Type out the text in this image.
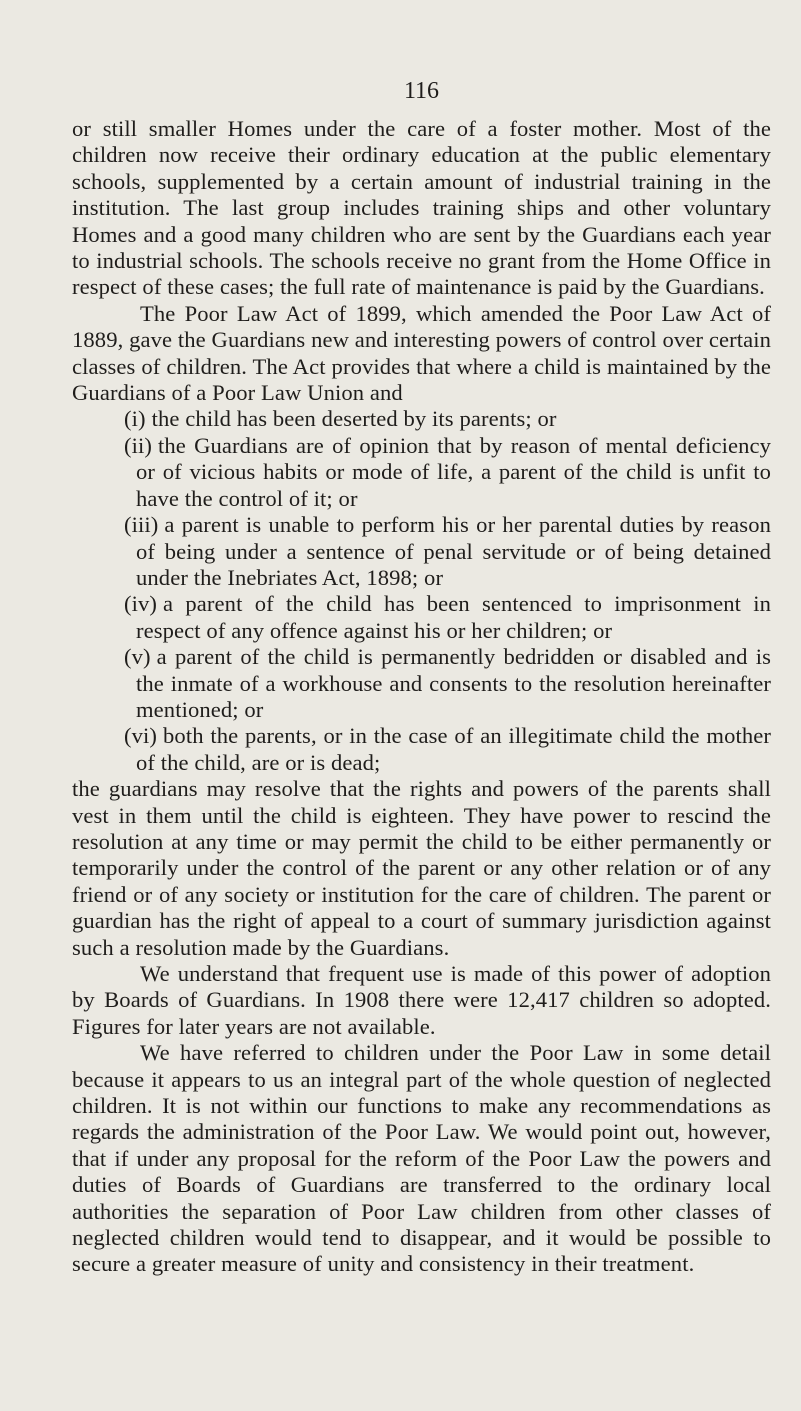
116

or still smaller Homes under the care of a foster mother. Most of the children now receive their ordinary education at the public elementary schools, supplemented by a certain amount of industrial training in the institution. The last group includes training ships and other voluntary Homes and a good many children who are sent by the Guardians each year to industrial schools. The schools receive no grant from the Home Office in respect of these cases; the full rate of maintenance is paid by the Guardians.

The Poor Law Act of 1899, which amended the Poor Law Act of 1889, gave the Guardians new and interesting powers of control over certain classes of children. The Act provides that where a child is maintained by the Guardians of a Poor Law Union and

(i) the child has been deserted by its parents; or

(ii) the Guardians are of opinion that by reason of mental deficiency or of vicious habits or mode of life, a parent of the child is unfit to have the control of it; or

(iii) a parent is unable to perform his or her parental duties by reason of being under a sentence of penal servitude or of being detained under the Inebriates Act, 1898; or

(iv) a parent of the child has been sentenced to imprisonment in respect of any offence against his or her children; or

(v) a parent of the child is permanently bedridden or disabled and is the inmate of a workhouse and consents to the resolution hereinafter mentioned; or

(vi) both the parents, or in the case of an illegitimate child the mother of the child, are or is dead;

the guardians may resolve that the rights and powers of the parents shall vest in them until the child is eighteen. They have power to rescind the resolution at any time or may permit the child to be either permanently or temporarily under the control of the parent or any other relation or of any friend or of any society or institution for the care of children. The parent or guardian has the right of appeal to a court of summary jurisdiction against such a resolution made by the Guardians.

We understand that frequent use is made of this power of adoption by Boards of Guardians. In 1908 there were 12,417 children so adopted. Figures for later years are not available.

We have referred to children under the Poor Law in some detail because it appears to us an integral part of the whole question of neglected children. It is not within our functions to make any recommendations as regards the administration of the Poor Law. We would point out, however, that if under any proposal for the reform of the Poor Law the powers and duties of Boards of Guardians are transferred to the ordinary local authorities the separation of Poor Law children from other classes of neglected children would tend to disappear, and it would be possible to secure a greater measure of unity and consistency in their treatment.
